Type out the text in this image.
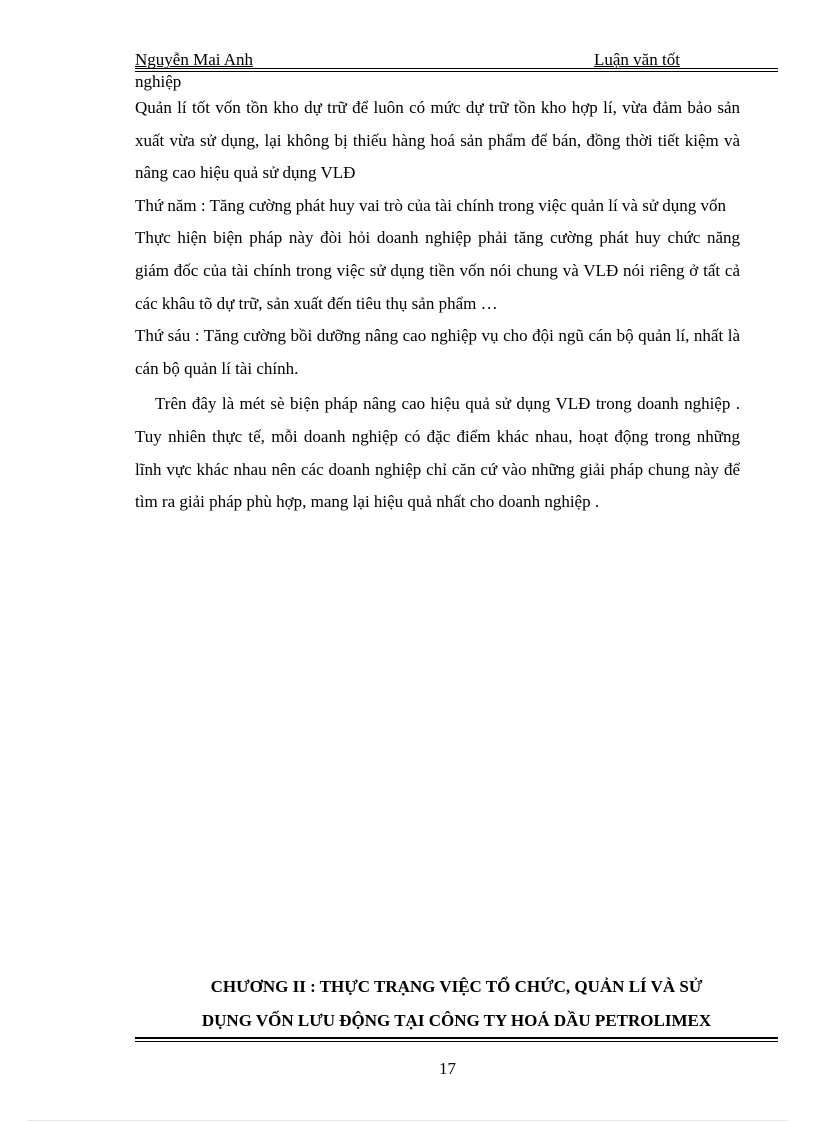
Nguyễn Mai Anh	Luận văn tốt
nghiệp

Quản lí tốt vốn tồn kho dự trữ để luôn có mức dự trữ tồn kho hợp lí, vừa đảm bảo sản xuất vừa sử dụng, lại không bị thiếu hàng hoá sản phẩm để bán, đồng thời tiết kiệm và nâng cao hiệu quả sử dụng VLĐ

Thứ năm : Tăng cường phát huy vai trò của tài chính trong việc quản lí và sử dụng vốn

Thực hiện biện pháp này đòi hỏi doanh nghiệp phải tăng cường phát huy chức năng giám đốc của tài chính trong việc sử dụng tiền vốn nói chung và VLĐ nói riêng ở tất cả các khâu tõ dự trữ, sản xuất đến tiêu thụ sản phẩm …

Thứ sáu : Tăng cường bồi dưỡng nâng cao nghiệp vụ cho đội ngũ cán bộ quản lí, nhất là cán bộ quản lí tài chính.

Trên đây là mét sè biện pháp nâng cao hiệu quả sử dụng VLĐ trong doanh nghiệp . Tuy nhiên thực tế, mỗi doanh nghiệp có đặc điểm khác nhau, hoạt động trong những lĩnh vực khác nhau nên các doanh nghiệp chỉ căn cứ vào những giải pháp chung này để tìm ra giải pháp phù hợp, mang lại hiệu quả nhất cho doanh nghiệp .

CHƯƠNG II : THỰC TRẠNG VIỆC TỔ CHỨC, QUẢN LÍ VÀ SỬ
DỤNG VỐN LƯU ĐỘNG TẠI CÔNG TY HOÁ DẦU PETROLIMEX
17
